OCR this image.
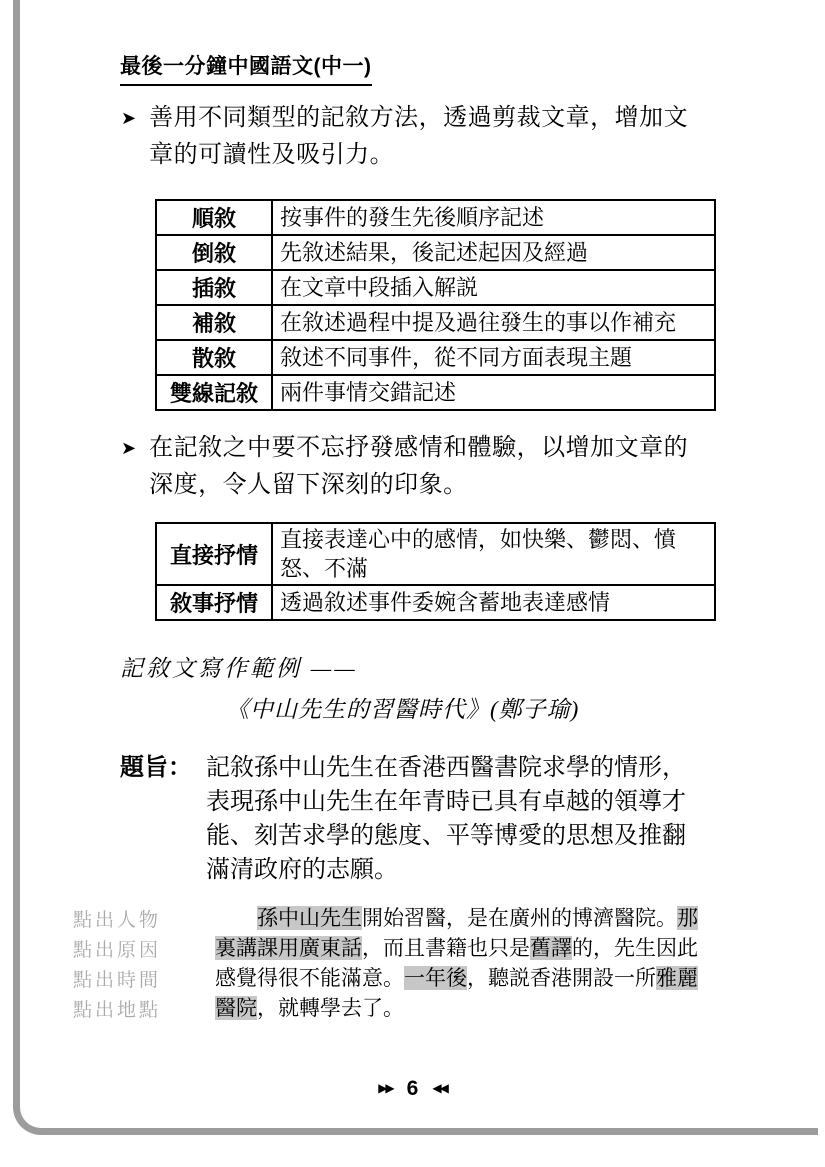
最後一分鐘中國語文(中一)
➤ 善用不同類型的記敘方法，透過剪裁文章，增加文章的可讀性及吸引力。
順敘	按事件的發生先後順序記述
倒敘	先敘述結果，後記述起因及經過
插敘	在文章中段插入解説
補敘	在敘述過程中提及過往發生的事以作補充
散敘	敘述不同事件，從不同方面表現主題
雙線記敘	兩件事情交錯記述
➤ 在記敘之中要不忘抒發感情和體驗，以增加文章的深度，令人留下深刻的印象。
直接抒情	直接表達心中的感情，如快樂、鬱悶、憤怒、不滿
敘事抒情	透過敘述事件委婉含蓄地表達感情
記敘文寫作範例 ——
《中山先生的習醫時代》(鄭子瑜)
題旨： 記敘孫中山先生在香港西醫書院求學的情形，
表現孫中山先生在年青時已具有卓越的領導才
能、刻苦求學的態度、平等博愛的思想及推翻
滿清政府的志願。
點出人物
點出原因
點出時間
點出地點
　　孫中山先生開始習醫，是在廣州的博濟醫院。那
裏講課用廣東話，而且書籍也只是舊譯的，先生因此
感覺得很不能滿意。一年後，聽説香港開設一所雅麗
醫院，就轉學去了。
▶▶ 6 ◀◀
